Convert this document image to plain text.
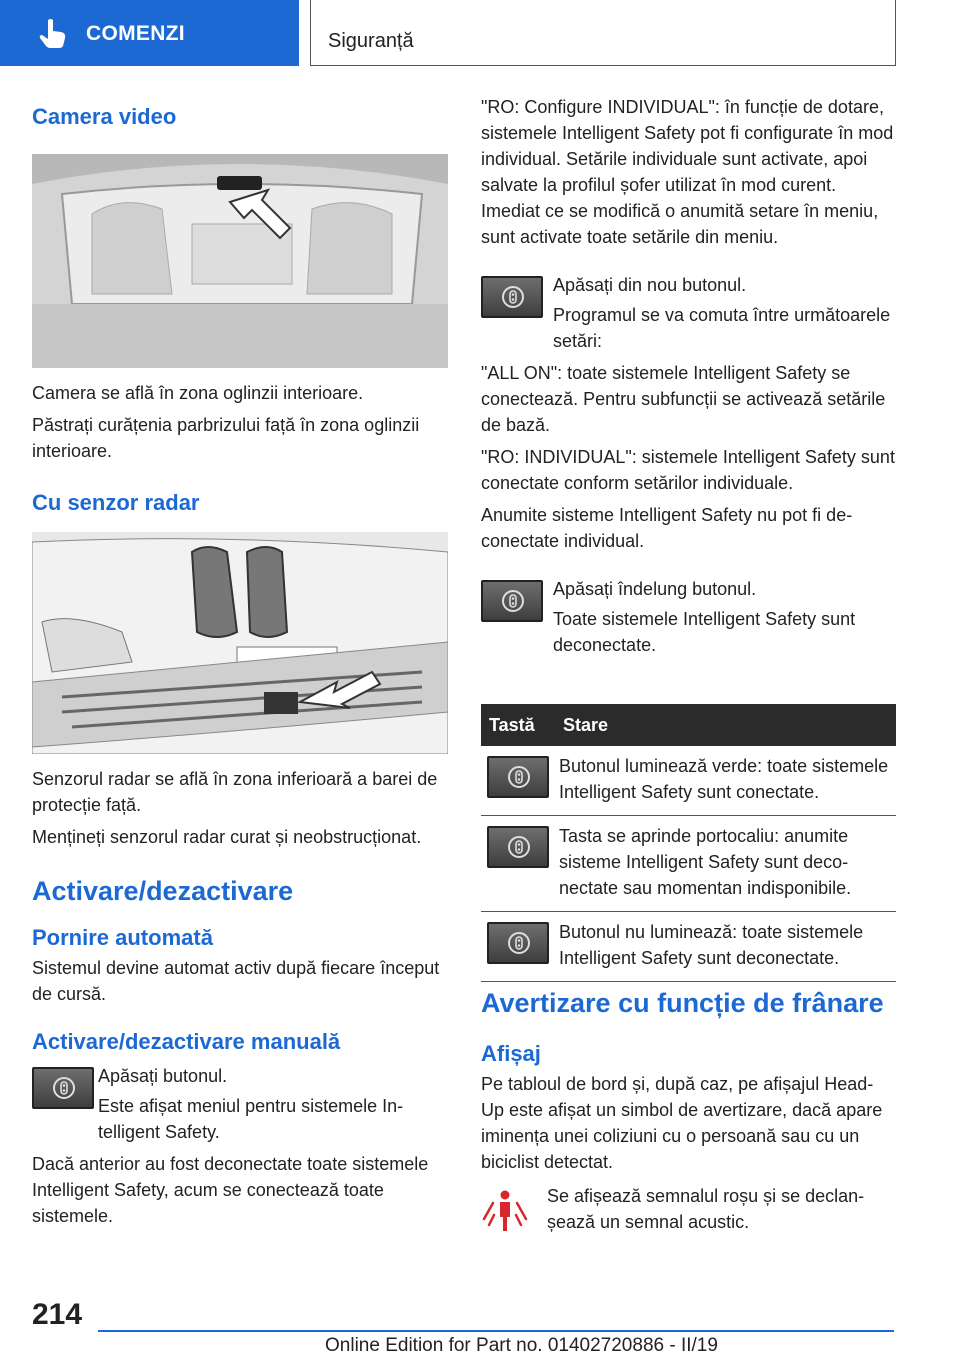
COMENZI	Siguranță
Camera video

Camera se află în zona oglinzii interioare.

Păstrați curățenia parbrizului față în zona oglinzii interioare.

Cu senzor radar

Senzorul radar se află în zona inferioară a barei de protecție față.

Mențineți senzorul radar curat și neobstrucționat.

Activare/dezactivare
Pornire automată

Sistemul devine automat activ după fiecare început de cursă.

Activare/dezactivare manuală

Apăsați butonul.

Este afișat meniul pentru sistemele Intelligent Safety.

Dacă anterior au fost deconectate toate sistemele Intelligent Safety, acum se conectează toate sistemele.

"RO: Configure INDIVIDUAL": în funcție de dotare, sistemele Intelligent Safety pot fi configurate în mod individual. Setările individuale sunt activate, apoi salvate la profilul șofer utilizat în mod curent. Imediat ce se modifică o anumită setare în meniu, sunt activate toate setările din meniu.

Apăsați din nou butonul.

Programul se va comuta între următoarele setări:

"ALL ON": toate sistemele Intelligent Safety se conectează. Pentru subfuncții se activează setările de bază.

"RO: INDIVIDUAL": sistemele Intelligent Safety sunt conectate conform setărilor individuale.

Anumite sisteme Intelligent Safety nu pot fi deconectate individual.

Apăsați îndelung butonul.

Toate sistemele Intelligent Safety sunt deconectate.

Tastă	Stare

	Butonul luminează verde: toate sistemele Intelligent Safety sunt conectate.

	Tasta se aprinde portocaliu: anumite sisteme Intelligent Safety sunt deconectate sau momentan indisponibile.

	Butonul nu luminează: toate sistemele Intelligent Safety sunt deconectate.
Avertizare cu funcție de frânare
Afișaj

Pe tabloul de bord și, după caz, pe afișajul Head-Up este afișat un simbol de avertizare, dacă apare iminența unei coliziuni cu o persoană sau cu un biciclist detectat.

Se afișează semnalul roșu și se declanșează un semnal acustic.

214
Online Edition for Part no. 01402720886 - II/19
